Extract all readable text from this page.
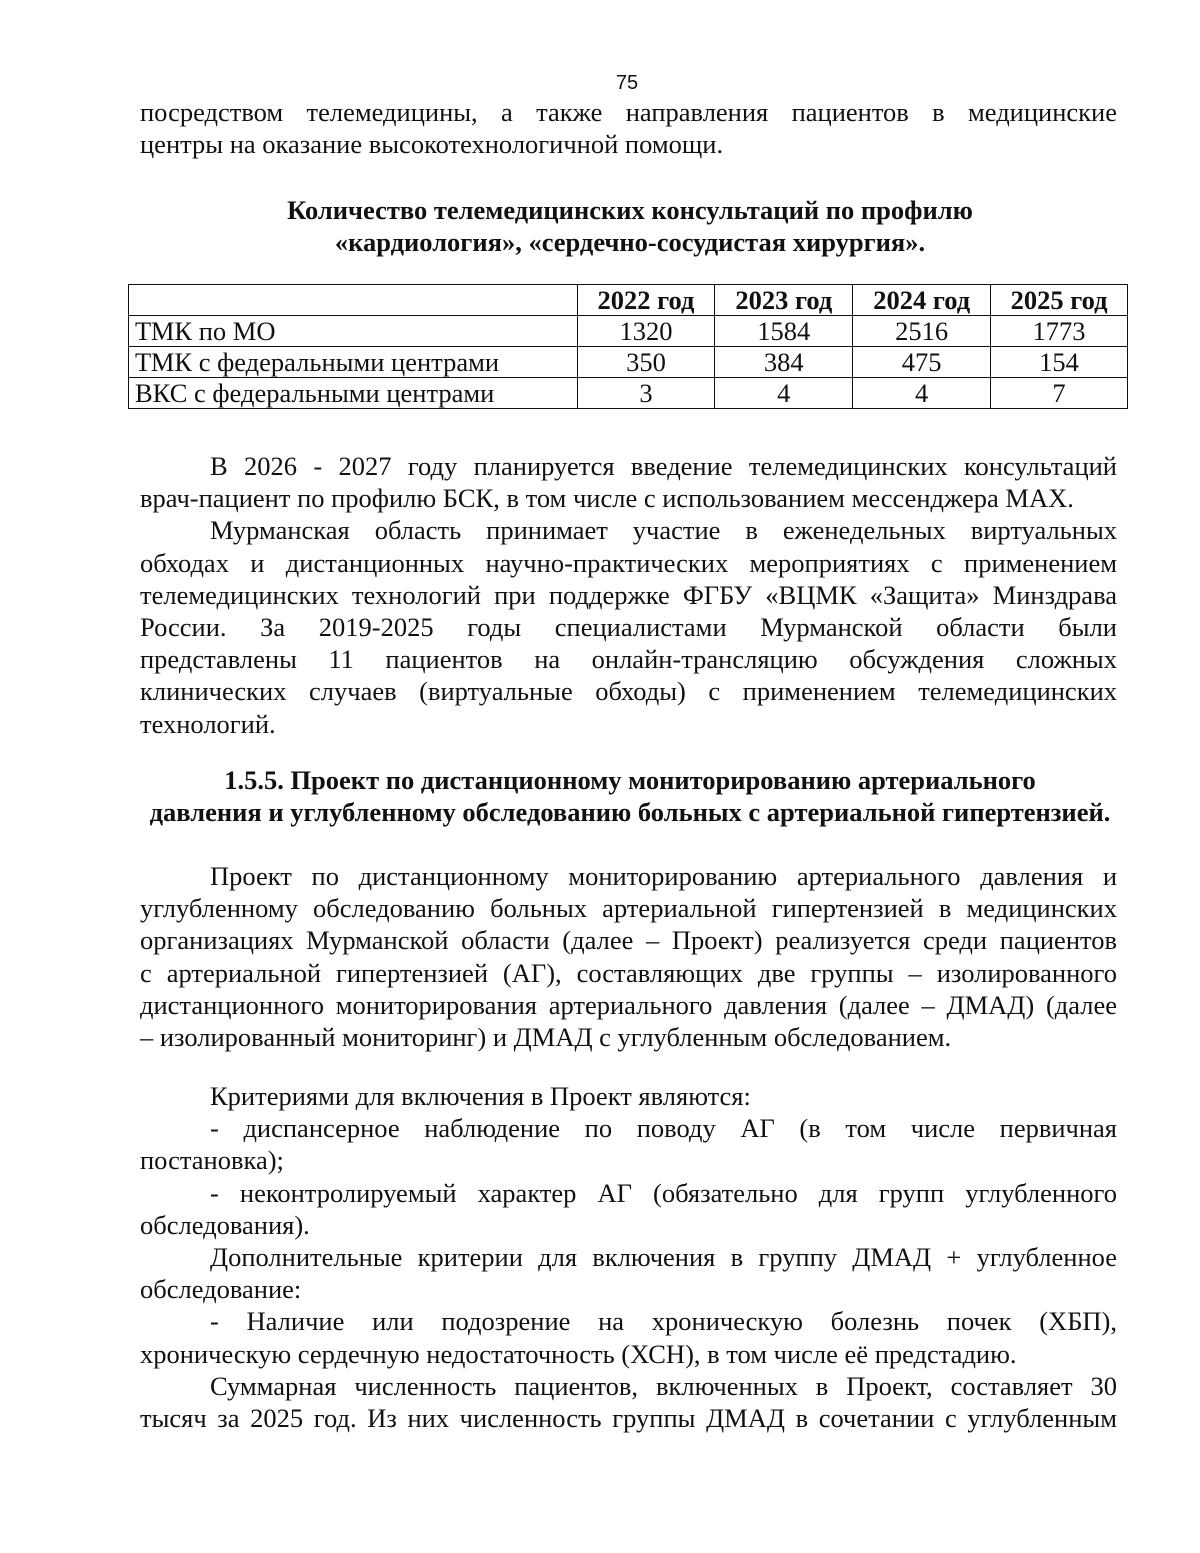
75

посредством телемедицины, а также направления пациентов в медицинские

центры на оказание высокотехнологичной помощи.

Количество телемедицинских консультаций по профилю
«кардиология», «сердечно-сосудистая хирургия».
	2022 год	2023 год	2024 год	2025 год
ТМК по МО	1320	1584	2516	1773
ТМК с федеральными центрами	350	384	475	154
ВКС с федеральными центрами	3	4	4	7

В 2026 - 2027 году планируется введение телемедицинских консультаций

врач-пациент по профилю БСК, в том числе с использованием мессенджера MAX.

Мурманская область принимает участие в еженедельных виртуальных

обходах и дистанционных научно-практических мероприятиях с применением

телемедицинских технологий при поддержке ФГБУ «ВЦМК «Защита» Минздрава

России. За 2019-2025 годы специалистами Мурманской области были

представлены 11 пациентов на онлайн-трансляцию обсуждения сложных

клинических случаев (виртуальные обходы) с применением телемедицинских

технологий.

1.5.5. Проект по дистанционному мониторированию артериального
давления и углубленному обследованию больных с артериальной гипертензией.

Проект по дистанционному мониторированию артериального давления и

углубленному обследованию больных артериальной гипертензией в медицинских

организациях Мурманской области (далее – Проект) реализуется среди пациентов

с артериальной гипертензией (АГ), составляющих две группы – изолированного

дистанционного мониторирования артериального давления (далее – ДМАД) (далее

– изолированный мониторинг) и ДМАД с углубленным обследованием.

Критериями для включения в Проект являются:

- диспансерное наблюдение по поводу АГ (в том числе первичная

постановка);

- неконтролируемый характер АГ (обязательно для групп углубленного

обследования).

Дополнительные критерии для включения в группу ДМАД + углубленное

обследование:

- Наличие или подозрение на хроническую болезнь почек (ХБП),

хроническую сердечную недостаточность (ХСН), в том числе её предстадию.

Суммарная численность пациентов, включенных в Проект, составляет 30

тысяч за 2025 год. Из них численность группы ДМАД в сочетании с углубленным
